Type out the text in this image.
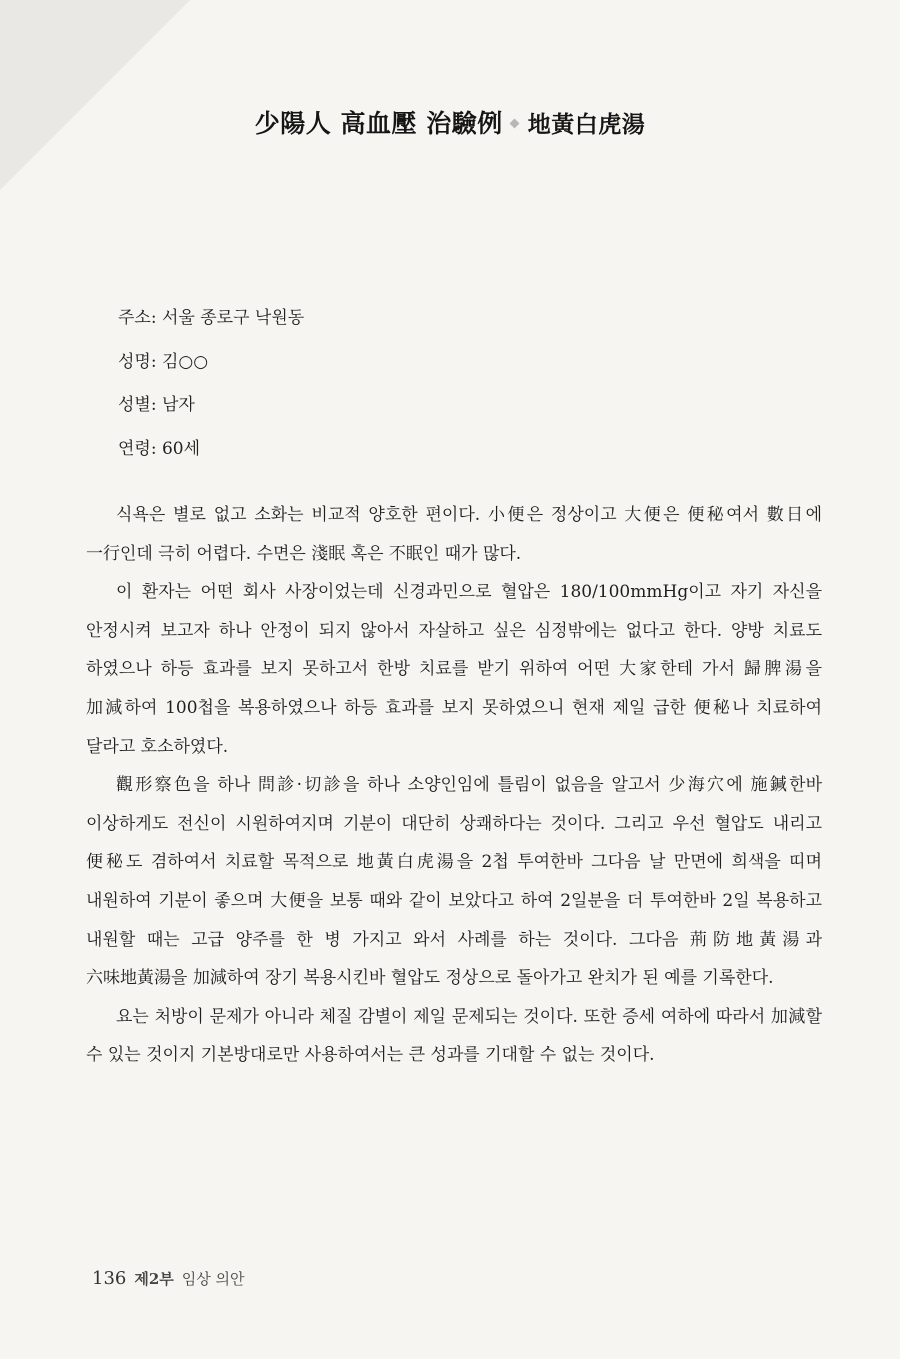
少陽人 高血壓 治驗例 地黃白虎湯
주소: 서울 종로구 낙원동
성명: 김○○
성별: 남자
연령: 60세

식욕은 별로 없고 소화는 비교적 양호한 편이다. 小便은 정상이고 大便은 便秘여서 數日에 一行인데 극히 어렵다. 수면은 淺眠 혹은 不眠인 때가 많다.

이 환자는 어떤 회사 사장이었는데 신경과민으로 혈압은 180/100mmHg이고 자기 자신을 안정시켜 보고자 하나 안정이 되지 않아서 자살하고 싶은 심정밖에는 없다고 한다. 양방 치료도 하였으나 하등 효과를 보지 못하고서 한방 치료를 받기 위하여 어떤 大家한테 가서 歸脾湯을 加減하여 100첩을 복용하였으나 하등 효과를 보지 못하였으니 현재 제일 급한 便秘나 치료하여 달라고 호소하였다.

觀形察色을 하나 問診·切診을 하나 소양인임에 틀림이 없음을 알고서 少海穴에 施鍼한바 이상하게도 전신이 시원하여지며 기분이 대단히 상쾌하다는 것이다. 그리고 우선 혈압도 내리고 便秘도 겸하여서 치료할 목적으로 地黃白虎湯을 2첩 투여한바 그다음 날 만면에 희색을 띠며 내원하여 기분이 좋으며 大便을 보통 때와 같이 보았다고 하여 2일분을 더 투여한바 2일 복용하고 내원할 때는 고급 양주를 한 병 가지고 와서 사례를 하는 것이다. 그다음 荊防地黃湯과 六味地黃湯을 加減하여 장기 복용시킨바 혈압도 정상으로 돌아가고 완치가 된 예를 기록한다.

요는 처방이 문제가 아니라 체질 감별이 제일 문제되는 것이다. 또한 증세 여하에 따라서 加減할 수 있는 것이지 기본방대로만 사용하여서는 큰 성과를 기대할 수 없는 것이다.

136 제2부 임상 의안
